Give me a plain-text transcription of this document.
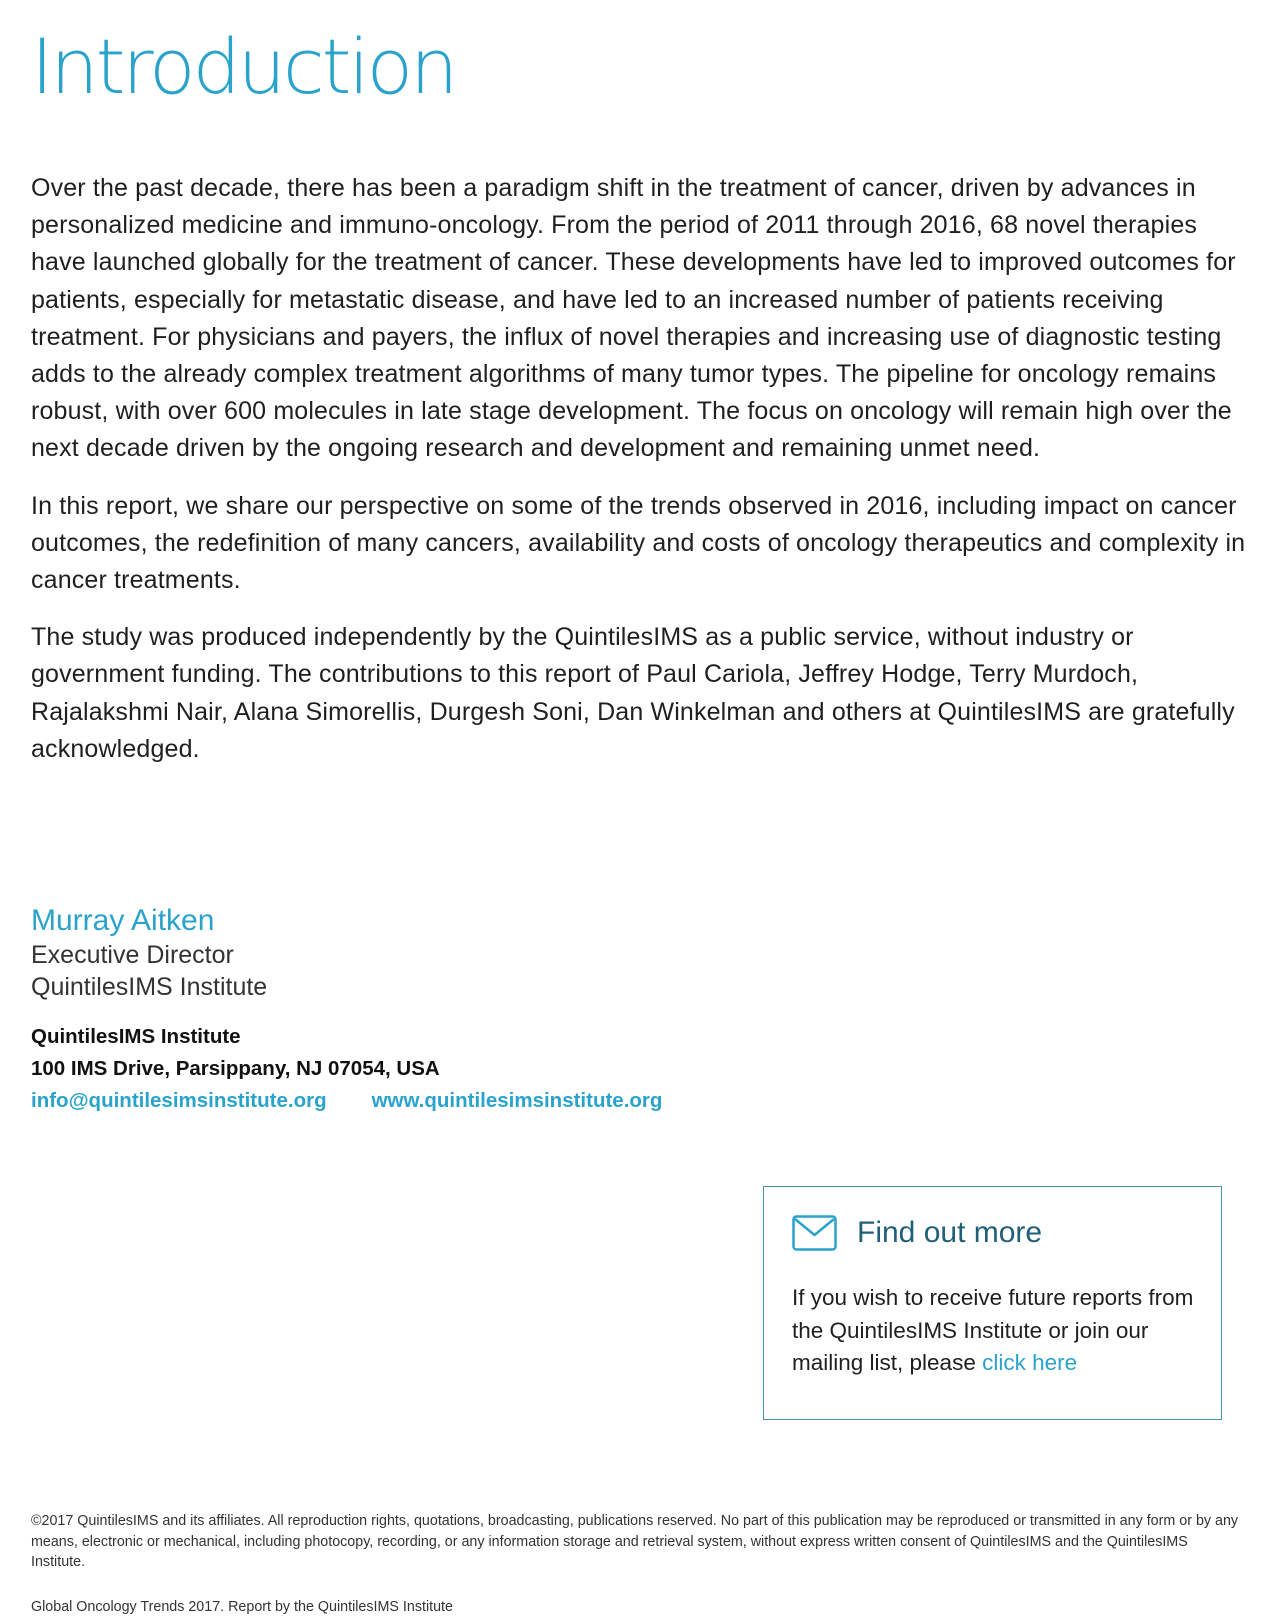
Introduction

Over the past decade, there has been a paradigm shift in the treatment of cancer, driven by advances in personalized medicine and immuno-oncology. From the period of 2011 through 2016, 68 novel therapies have launched globally for the treatment of cancer. These developments have led to improved outcomes for patients, especially for metastatic disease, and have led to an increased number of patients receiving treatment. For physicians and payers, the influx of novel therapies and increasing use of diagnostic testing adds to the already complex treatment algorithms of many tumor types. The pipeline for oncology remains robust, with over 600 molecules in late stage development. The focus on oncology will remain high over the next decade driven by the ongoing research and development and remaining unmet need.

In this report, we share our perspective on some of the trends observed in 2016, including impact on cancer outcomes, the redefinition of many cancers, availability and costs of oncology therapeutics and complexity in cancer treatments.

The study was produced independently by the QuintilesIMS as a public service, without industry or government funding. The contributions to this report of Paul Cariola, Jeffrey Hodge, Terry Murdoch, Rajalakshmi Nair, Alana Simorellis, Durgesh Soni, Dan Winkelman and others at QuintilesIMS are gratefully acknowledged.

Murray Aitken
Executive Director
QuintilesIMS Institute
QuintilesIMS Institute
100 IMS Drive, Parsippany, NJ 07054, USA
info@quintilesimsinstitute.org www.quintilesimsinstitute.org
Find out more
If you wish to receive future reports from the QuintilesIMS Institute or join our mailing list, please click here
©2017 QuintilesIMS and its affiliates. All reproduction rights, quotations, broadcasting, publications reserved. No part of this publication may be reproduced or transmitted in any form or by any means, electronic or mechanical, including photocopy, recording, or any information storage and retrieval system, without express written consent of QuintilesIMS and the QuintilesIMS Institute.
Global Oncology Trends 2017. Report by the QuintilesIMS Institute
